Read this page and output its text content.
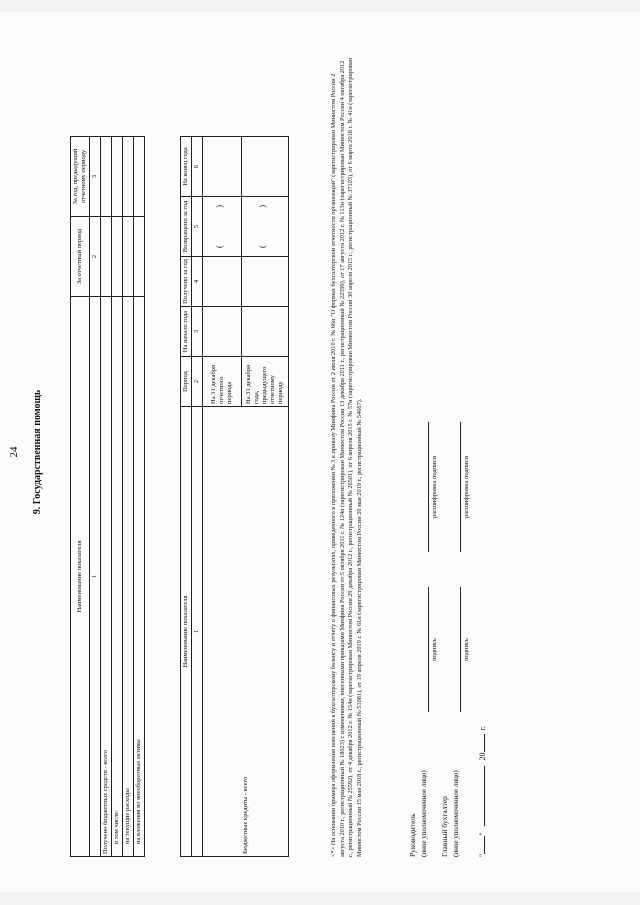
24 9. Государственная помощь
Наименование показателя	За отчетный период	За год, предыдущий отчетному периоду
1	2	3
Получено бюджетных средств - всего		
в том числе:		
на текущие расходы		
на вложения во внеоборотные активы		
Наименование показателя	Период	На начало года	Получено за год	Возвращено за год	На конец года
1	2	3	4	5	6
Бюджетные кредиты - всего	На 31 декабря отчетного периода			(
)	

	На 31 декабря года, предыдущего отчетному периоду			(
)	
		<*> На основании примера оформления пояснений к бухгалтерскому балансу и отчету о финансовых результатах, приведенного в приложении № 3 к приказу Минфина России от 2 июля 2010 г. № 66н "О формах бухгалтерской отчетности организаций" (зарегистрирован Минюстом России 2 августа 2010 г., регистрационный № 18023) с изменениями, внесенными приказами Минфина России от 5 октября 2011 г. № 124н (зарегистрирован Минюстом России 13 декабря 2011 г., регистрационный № 22599), от 17 августа 2012 г. № 113н (зарегистрирован Минюстом России 4 октября 2012 г., регистрационный № 25592), от 4 декабря 2012 г. № 154н (зарегистрирован Минюстом России 29 декабря 2012 г., регистрационный № 26501), от 6 апреля 2015 г. № 57н (зарегистрирован Минюстом России 30 апреля 2015 г., регистрационный № 37103), от 6 марта 2018 г. № 41н (зарегистрирован Минюстом России 15 мая 2018 г., регистрационный № 51081), от 19 апреля 2019 г. № 61н (зарегистрирован Минюстом России 20 мая 2019 г., регистрационный № 54667).	Руководитель (иное уполномоченное лицо)
подпись
расшифровка подписи
Главный бухгалтер (иное уполномоченное лицо)
подпись
расшифровка подписи
""  20 г.
